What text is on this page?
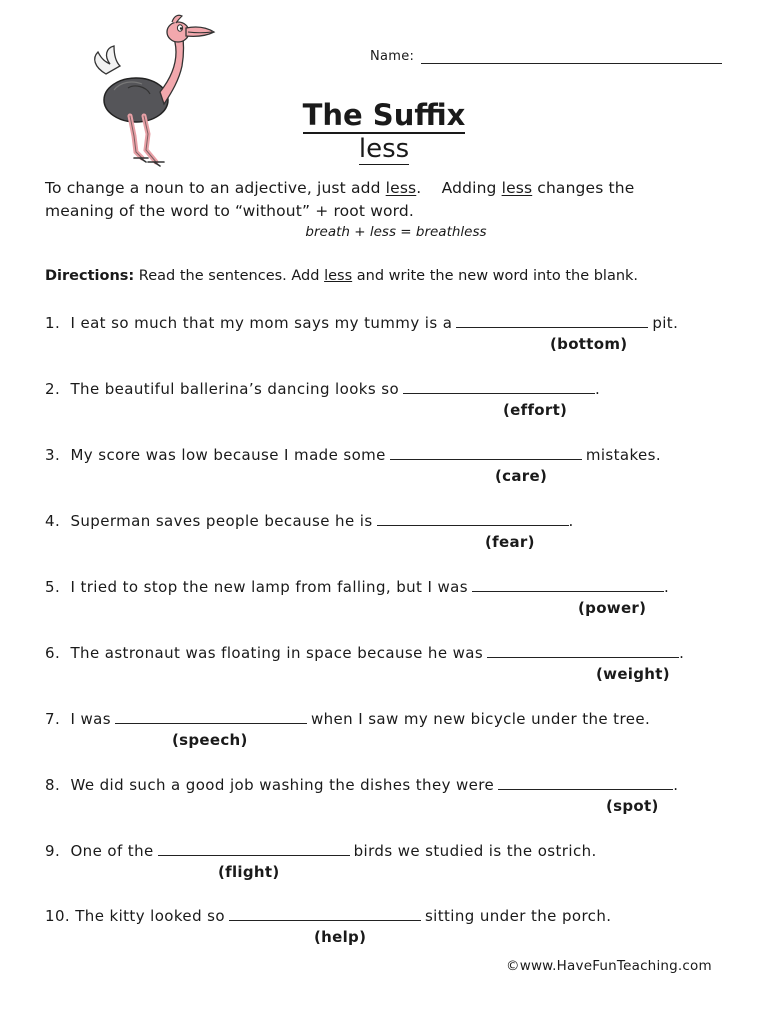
Name:
The Suffix
less
To change a noun to an adjective, just add less.    Adding less changes the
meaning of the word to “without” + root word.
breath + less = breathless
Directions: Read the sentences. Add less and write the new word into the blank.
1. I eat so much that my mom says my tummy is a	pit.
(bottom)
2. The beautiful ballerina’s dancing looks so	.
(effort)
3. My score was low because I made some	mistakes.
(care)
4. Superman saves people because he is	.
(fear)
5. I tried to stop the new lamp from falling, but I was	.
(power)
6. The astronaut was floating in space because he was	.
(weight)
7. I was	when I saw my new bicycle under the tree.
(speech)
8. We did such a good job washing the dishes they were	.
(spot)
9. One of the	birds we studied is the ostrich.
(flight)
10. The kitty looked so	sitting under the porch.
(help)
©www.HaveFunTeaching.com
